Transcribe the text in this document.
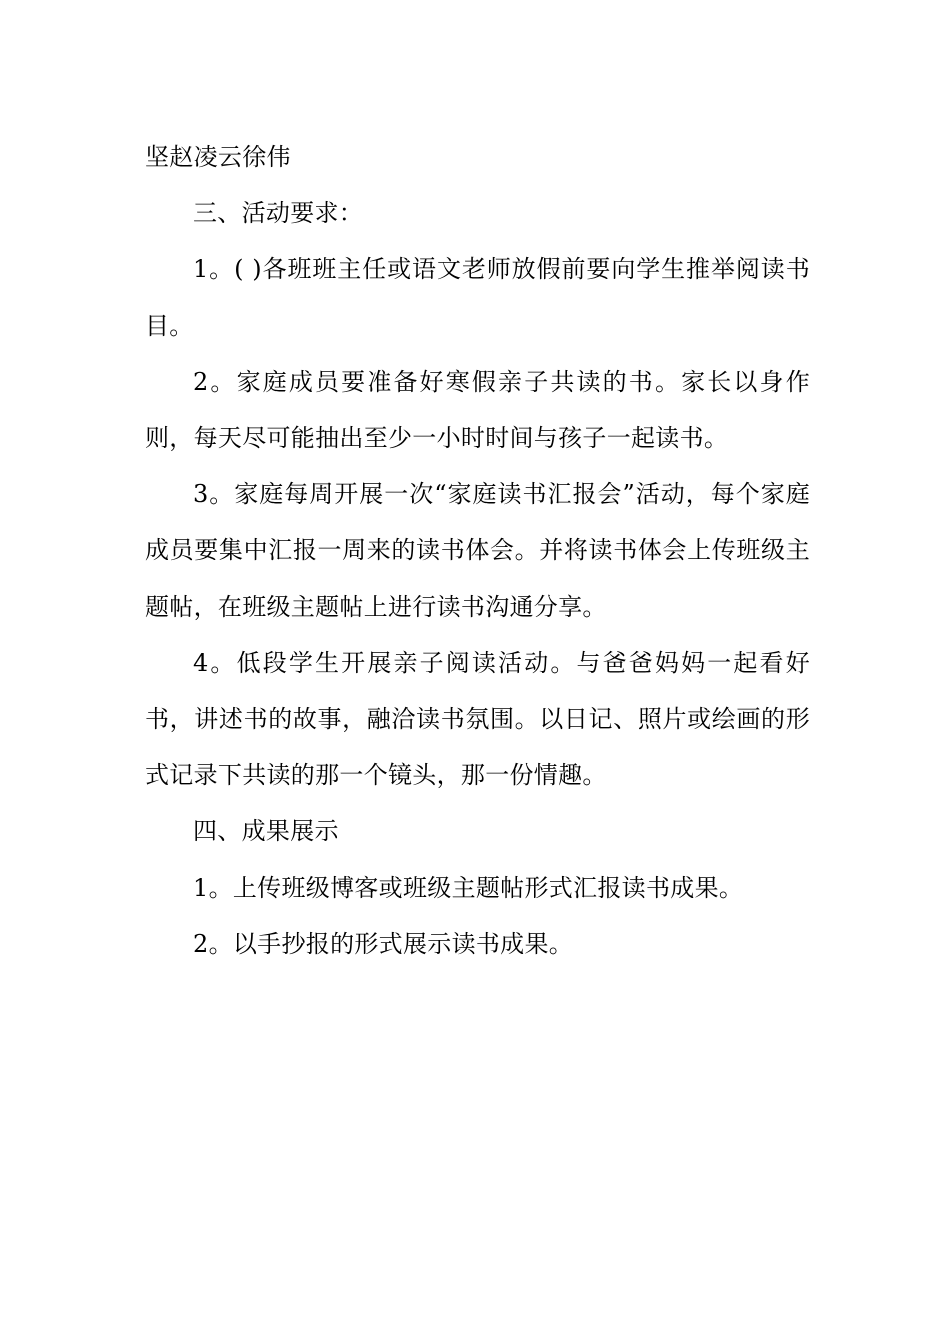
坚赵凌云徐伟

三、活动要求：

1。( )各班班主任或语文老师放假前要向学生推举阅读书目。

2。家庭成员要准备好寒假亲子共读的书。家长以身作则，每天尽可能抽出至少一小时时间与孩子一起读书。

3。家庭每周开展一次“家庭读书汇报会”活动，每个家庭成员要集中汇报一周来的读书体会。并将读书体会上传班级主题帖，在班级主题帖上进行读书沟通分享。

4。低段学生开展亲子阅读活动。与爸爸妈妈一起看好书，讲述书的故事，融洽读书氛围。以日记、照片或绘画的形式记录下共读的那一个镜头，那一份情趣。

四、成果展示

1。上传班级博客或班级主题帖形式汇报读书成果。

2。以手抄报的形式展示读书成果。
